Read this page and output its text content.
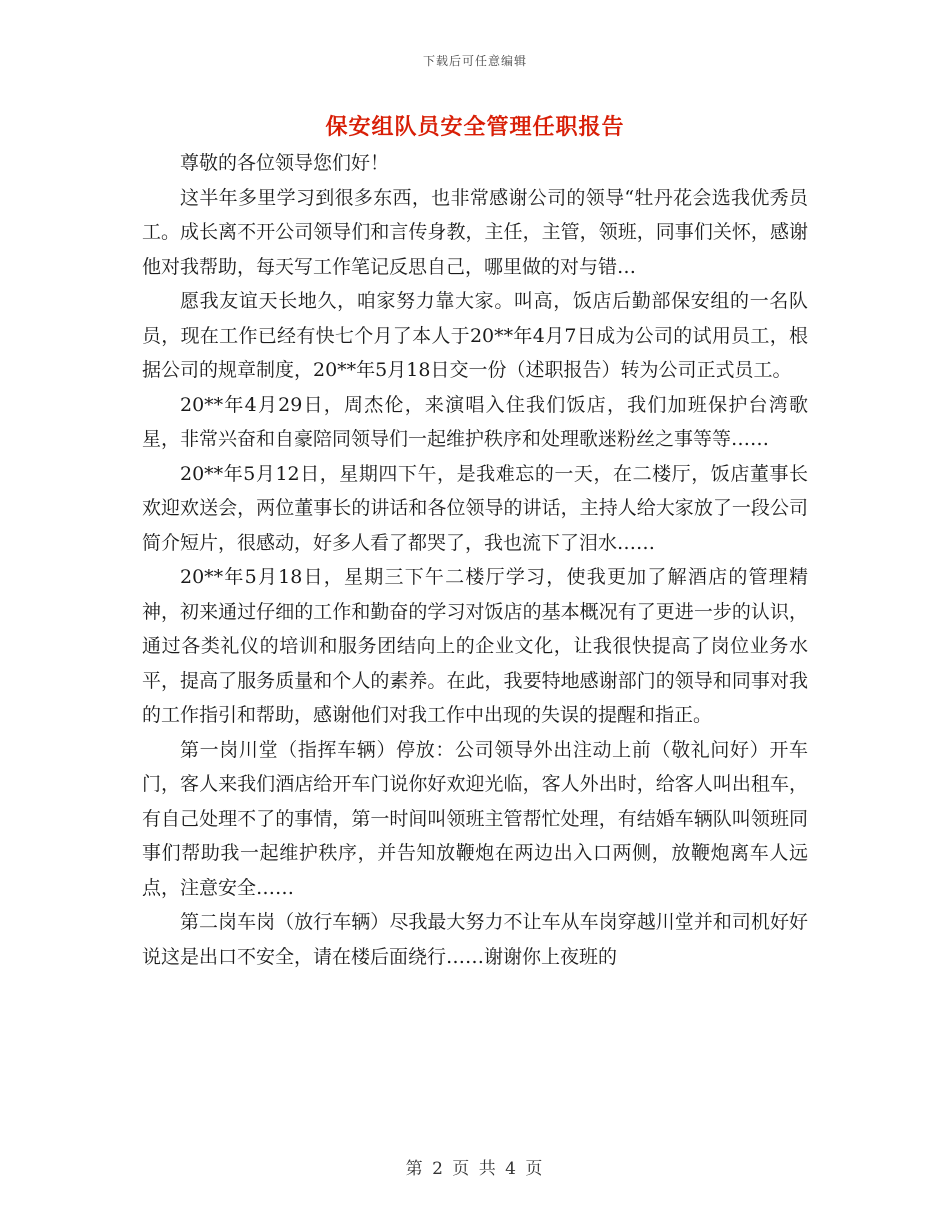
下载后可任意编辑
保安组队员安全管理任职报告

尊敬的各位领导您们好！

这半年多里学习到很多东西，也非常感谢公司的领导“牡丹花会选我优秀员工。成长离不开公司领导们和言传身教，主任，主管，领班，同事们关怀，感谢他对我帮助，每天写工作笔记反思自己，哪里做的对与错…

愿我友谊天长地久，咱家努力靠大家。叫高，饭店后勤部保安组的一名队员，现在工作已经有快七个月了本人于20**年4月7日成为公司的试用员工，根据公司的规章制度，20**年5月18日交一份（述职报告）转为公司正式员工。

20**年4月29日，周杰伦，来演唱入住我们饭店，我们加班保护台湾歌星，非常兴奋和自豪陪同领导们一起维护秩序和处理歌迷粉丝之事等等……

20**年5月12日，星期四下午，是我难忘的一天，在二楼厅，饭店董事长欢迎欢送会，两位董事长的讲话和各位领导的讲话，主持人给大家放了一段公司简介短片，很感动，好多人看了都哭了，我也流下了泪水……

20**年5月18日，星期三下午二楼厅学习，使我更加了解酒店的管理精神，初来通过仔细的工作和勤奋的学习对饭店的基本概况有了更进一步的认识，通过各类礼仪的培训和服务团结向上的企业文化，让我很快提高了岗位业务水平，提高了服务质量和个人的素养。在此，我要特地感谢部门的领导和同事对我的工作指引和帮助，感谢他们对我工作中出现的失误的提醒和指正。

第一岗川堂（指挥车辆）停放：公司领导外出注动上前（敬礼问好）开车门，客人来我们酒店给开车门说你好欢迎光临，客人外出时，给客人叫出租车，有自己处理不了的事情，第一时间叫领班主管帮忙处理，有结婚车辆队叫领班同事们帮助我一起维护秩序，并告知放鞭炮在两边出入口两侧，放鞭炮离车人远点，注意安全……

第二岗车岗（放行车辆）尽我最大努力不让车从车岗穿越川堂并和司机好好说这是出口不安全，请在楼后面绕行……谢谢你上夜班的

第 2 页 共 4 页
